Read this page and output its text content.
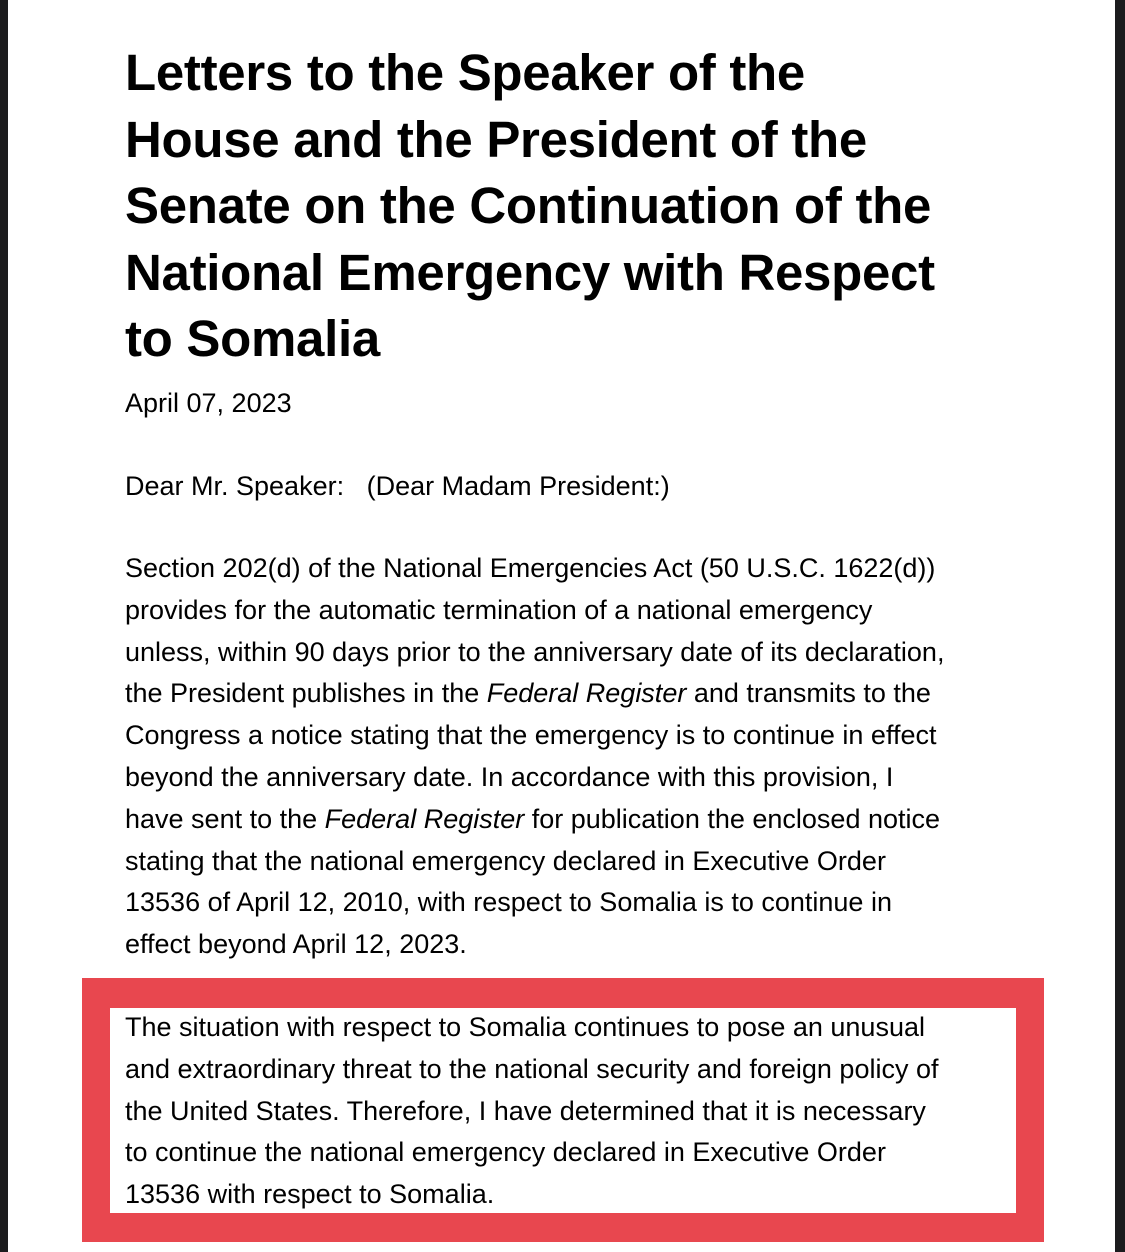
Letters to the Speaker of the
House and the President of the
Senate on the Continuation of the
National Emergency with Respect
to Somalia
April 07, 2023
Dear Mr. Speaker:   (Dear Madam President:)

Section 202(d) of the National Emergencies Act (50 U.S.C. 1622(d))
provides for the automatic termination of a national emergency
unless, within 90 days prior to the anniversary date of its declaration,
the President publishes in the Federal Register and transmits to the
Congress a notice stating that the emergency is to continue in effect
beyond the anniversary date. In accordance with this provision, I
have sent to the Federal Register for publication the enclosed notice
stating that the national emergency declared in Executive Order
13536 of April 12, 2010, with respect to Somalia is to continue in
effect beyond April 12, 2023.

The situation with respect to Somalia continues to pose an unusual
and extraordinary threat to the national security and foreign policy of
the United States. Therefore, I have determined that it is necessary
to continue the national emergency declared in Executive Order
13536 with respect to Somalia.
